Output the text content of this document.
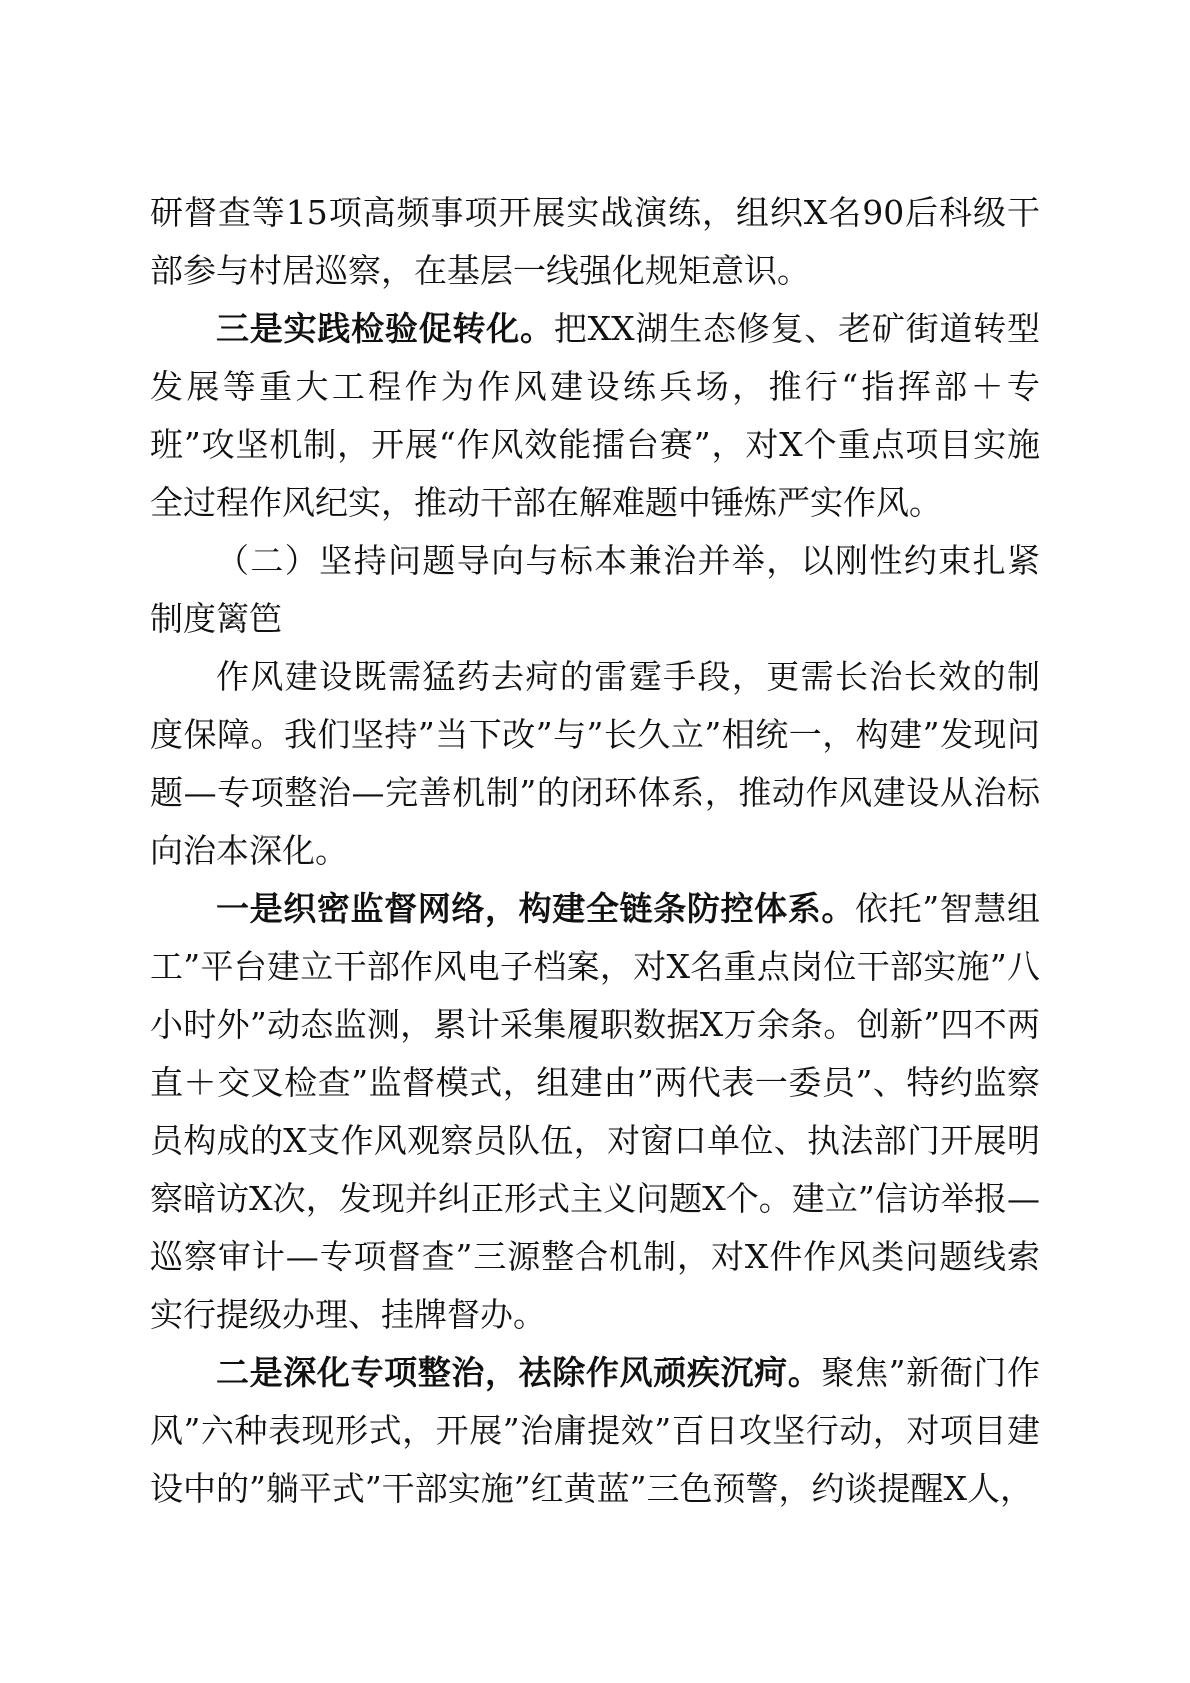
研督查等15项高频事项开展实战演练，组织X名90后科级干部参与村居巡察，在基层一线强化规矩意识。

三是实践检验促转化。把XX湖生态修复、老矿街道转型发展等重大工程作为作风建设练兵场，推行“指挥部＋专班”攻坚机制，开展“作风效能擂台赛”，对X个重点项目实施全过程作风纪实，推动干部在解难题中锤炼严实作风。

（二）坚持问题导向与标本兼治并举，以刚性约束扎紧制度篱笆

作风建设既需猛药去疴的雷霆手段，更需长治长效的制度保障。我们坚持”当下改”与”长久立”相统一，构建”发现问题—专项整治—完善机制”的闭环体系，推动作风建设从治标向治本深化。

一是织密监督网络，构建全链条防控体系。依托”智慧组工”平台建立干部作风电子档案，对X名重点岗位干部实施”八小时外”动态监测，累计采集履职数据X万余条。创新”四不两直＋交叉检查”监督模式，组建由”两代表一委员”、特约监察员构成的X支作风观察员队伍，对窗口单位、执法部门开展明察暗访X次，发现并纠正形式主义问题X个。建立”信访举报—巡察审计—专项督查”三源整合机制，对X件作风类问题线索实行提级办理、挂牌督办。

二是深化专项整治，祛除作风顽疾沉疴。聚焦”新衙门作风”六种表现形式，开展”治庸提效”百日攻坚行动，对项目建设中的”躺平式”干部实施”红黄蓝”三色预警，约谈提醒X人，
